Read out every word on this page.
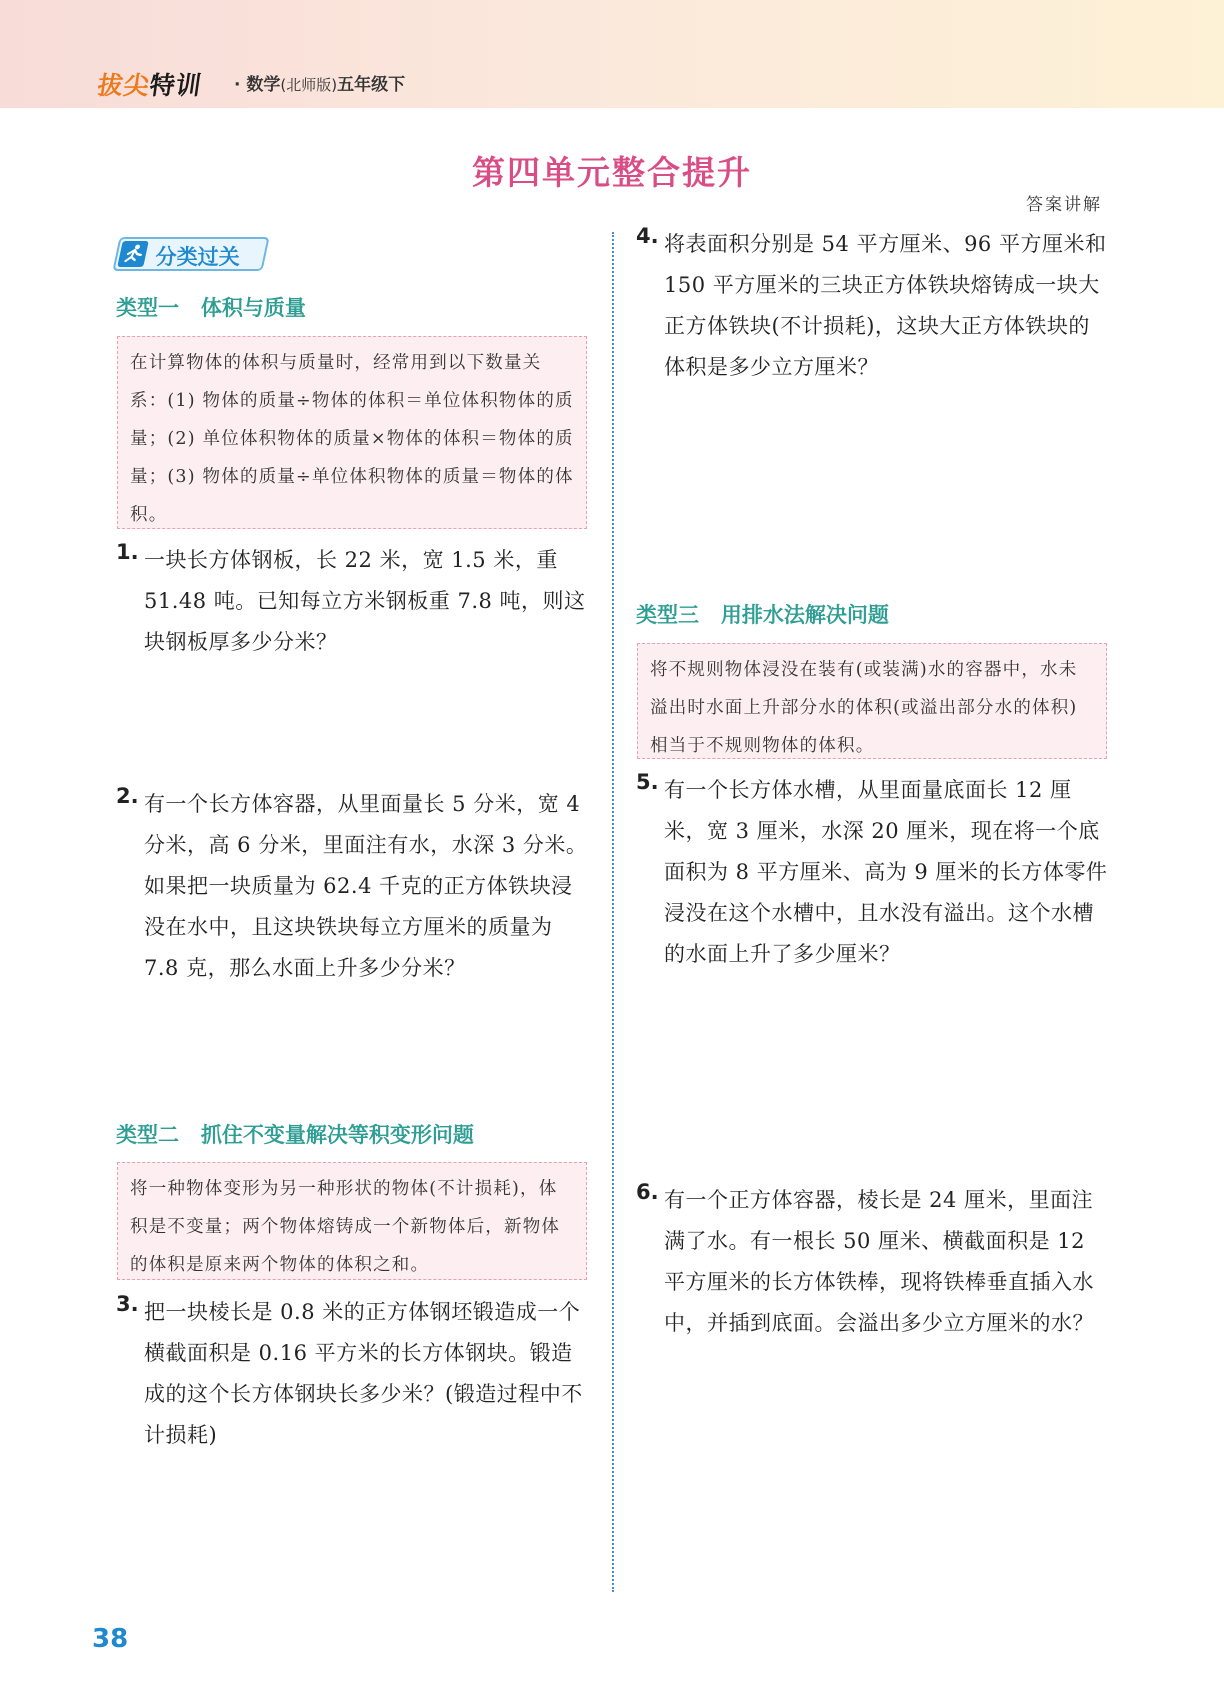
拔尖特训 · 数学(北师版)五年级下
第四单元整合提升
答案讲解
分类过关
类型一   体积与质量
在计算物体的体积与质量时，经常用到以下数量关系：(1) 物体的质量÷物体的体积＝单位体积物体的质量；(2) 单位体积物体的质量×物体的体积＝物体的质量；(3) 物体的质量÷单位体积物体的质量＝物体的体积。
1. 一块长方体钢板，长 22 米，宽 1.5 米，重 51.48 吨。已知每立方米钢板重 7.8 吨，则这块钢板厚多少分米？
2. 有一个长方体容器，从里面量长 5 分米，宽 4 分米，高 6 分米，里面注有水，水深 3 分米。如果把一块质量为 62.4 千克的正方体铁块浸没在水中，且这块铁块每立方厘米的质量为 7.8 克，那么水面上升多少分米？
类型二   抓住不变量解决等积变形问题
将一种物体变形为另一种形状的物体(不计损耗)，体积是不变量；两个物体熔铸成一个新物体后，新物体的体积是原来两个物体的体积之和。
3. 把一块棱长是 0.8 米的正方体钢坯锻造成一个横截面积是 0.16 平方米的长方体钢块。锻造成的这个长方体钢块长多少米？(锻造过程中不计损耗)
4. 将表面积分别是 54 平方厘米、96 平方厘米和 150 平方厘米的三块正方体铁块熔铸成一块大正方体铁块(不计损耗)，这块大正方体铁块的体积是多少立方厘米？
类型三   用排水法解决问题
将不规则物体浸没在装有(或装满)水的容器中，水未溢出时水面上升部分水的体积(或溢出部分水的体积)相当于不规则物体的体积。
5. 有一个长方体水槽，从里面量底面长 12 厘米，宽 3 厘米，水深 20 厘米，现在将一个底面积为 8 平方厘米、高为 9 厘米的长方体零件浸没在这个水槽中，且水没有溢出。这个水槽的水面上升了多少厘米？
6. 有一个正方体容器，棱长是 24 厘米，里面注满了水。有一根长 50 厘米、横截面积是 12 平方厘米的长方体铁棒，现将铁棒垂直插入水中，并插到底面。会溢出多少立方厘米的水？
38
